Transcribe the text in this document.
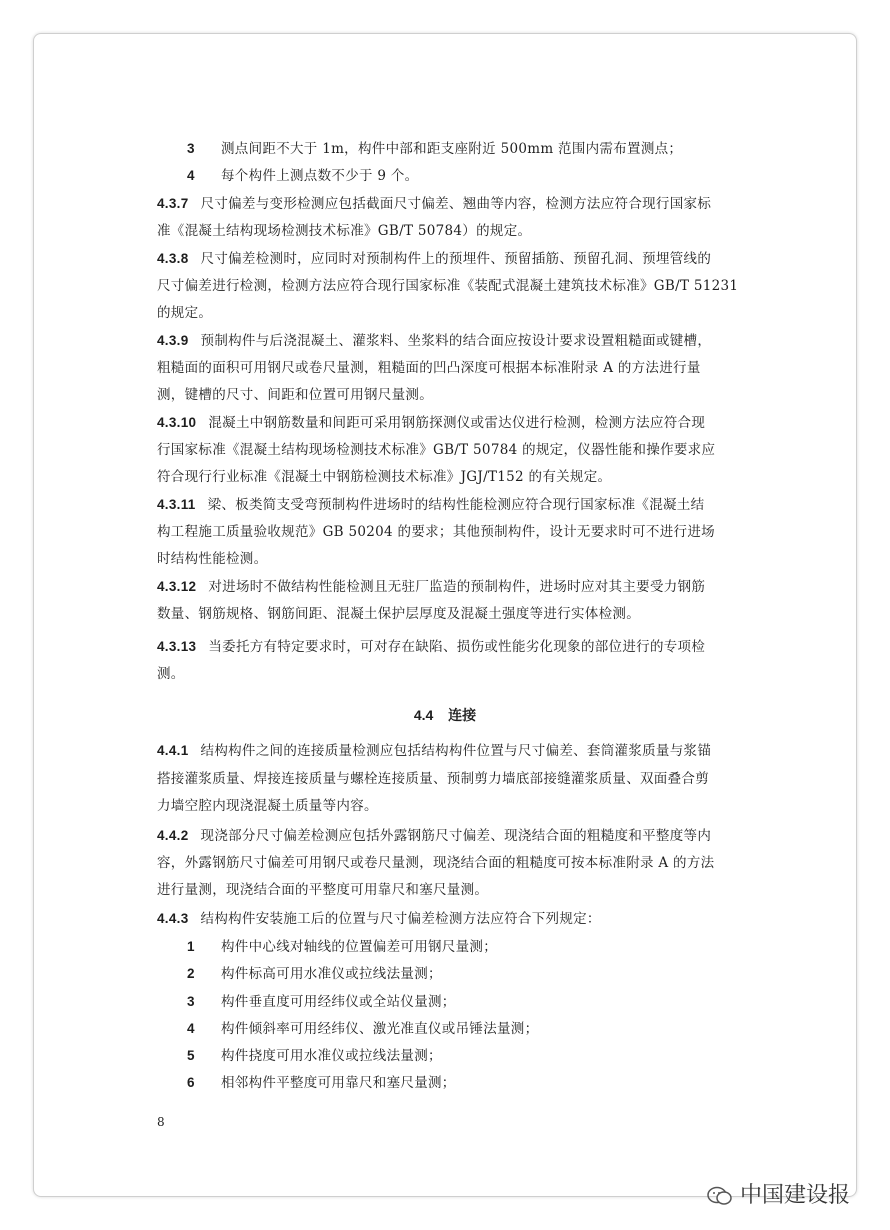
3 测点间距不大于 1m，构件中部和距支座附近 500mm 范围内需布置测点；
4 每个构件上测点数不少于 9 个。
4.3.7 尺寸偏差与变形检测应包括截面尺寸偏差、翘曲等内容，检测方法应符合现行国家标
准《混凝土结构现场检测技术标准》GB/T 50784）的规定。
4.3.8 尺寸偏差检测时，应同时对预制构件上的预埋件、预留插筋、预留孔洞、预埋管线的
尺寸偏差进行检测，检测方法应符合现行国家标准《装配式混凝土建筑技术标准》GB/T 51231
的规定。
4.3.9 预制构件与后浇混凝土、灌浆料、坐浆料的结合面应按设计要求设置粗糙面或键槽，
粗糙面的面积可用钢尺或卷尺量测，粗糙面的凹凸深度可根据本标准附录 A 的方法进行量
测，键槽的尺寸、间距和位置可用钢尺量测。
4.3.10 混凝土中钢筋数量和间距可采用钢筋探测仪或雷达仪进行检测，检测方法应符合现
行国家标准《混凝土结构现场检测技术标准》GB/T 50784 的规定，仪器性能和操作要求应
符合现行行业标准《混凝土中钢筋检测技术标准》JGJ/T152 的有关规定。
4.3.11 梁、板类简支受弯预制构件进场时的结构性能检测应符合现行国家标准《混凝土结
构工程施工质量验收规范》GB 50204 的要求；其他预制构件，设计无要求时可不进行进场
时结构性能检测。
4.3.12 对进场时不做结构性能检测且无驻厂监造的预制构件，进场时应对其主要受力钢筋
数量、钢筋规格、钢筋间距、混凝土保护层厚度及混凝土强度等进行实体检测。
4.3.13 当委托方有特定要求时，可对存在缺陷、损伤或性能劣化现象的部位进行的专项检
测。
4.4.1 结构构件之间的连接质量检测应包括结构构件位置与尺寸偏差、套筒灌浆质量与浆锚
搭接灌浆质量、焊接连接质量与螺栓连接质量、预制剪力墙底部接缝灌浆质量、双面叠合剪
力墙空腔内现浇混凝土质量等内容。
4.4.2 现浇部分尺寸偏差检测应包括外露钢筋尺寸偏差、现浇结合面的粗糙度和平整度等内
容，外露钢筋尺寸偏差可用钢尺或卷尺量测，现浇结合面的粗糙度可按本标准附录 A 的方法
进行量测，现浇结合面的平整度可用靠尺和塞尺量测。
4.4.3 结构构件安装施工后的位置与尺寸偏差检测方法应符合下列规定：
1 构件中心线对轴线的位置偏差可用钢尺量测；
2 构件标高可用水准仪或拉线法量测；
3 构件垂直度可用经纬仪或全站仪量测；
4 构件倾斜率可用经纬仪、激光准直仪或吊锤法量测；
5 构件挠度可用水准仪或拉线法量测；
6 相邻构件平整度可用靠尺和塞尺量测；
4.4 连接
8
中国建设报
